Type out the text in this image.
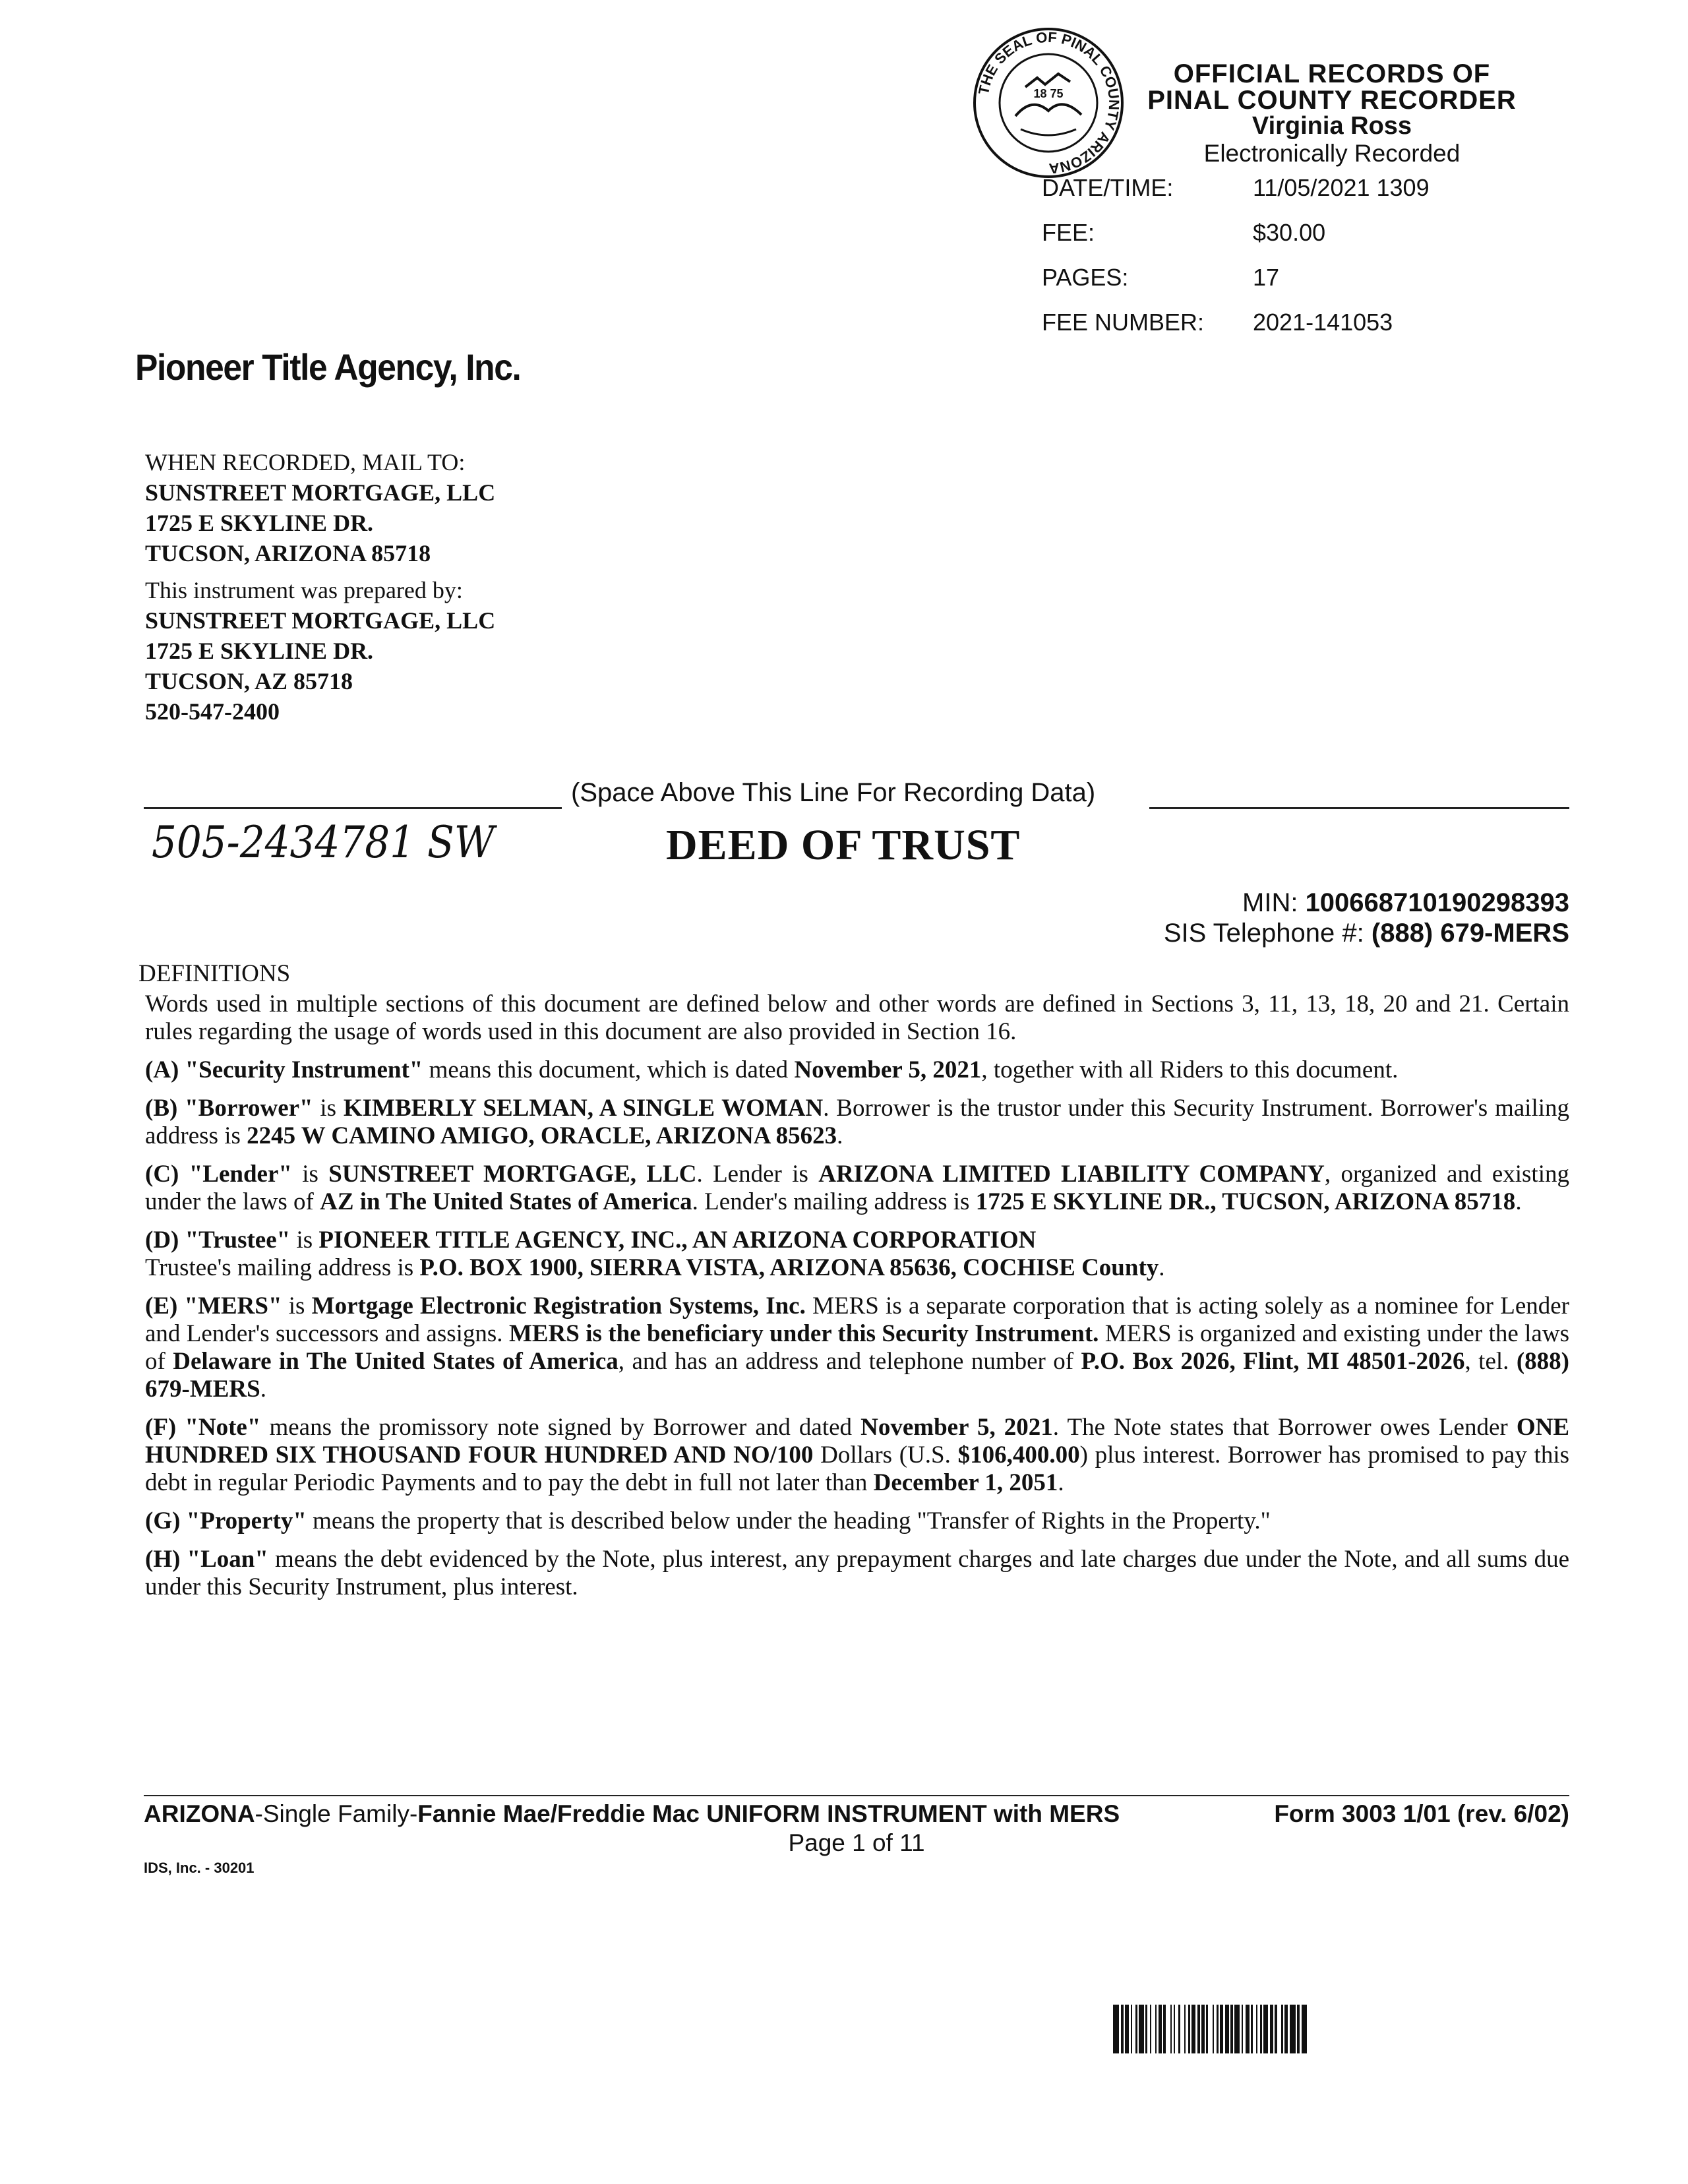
THE SEAL OF PINAL COUNTY ARIZONA
18 75
OFFICIAL RECORDS OF
PINAL COUNTY RECORDER
Virginia Ross
Electronically Recorded
DATE/TIME:	11/05/2021 1309
FEE:	$30.00
PAGES:	17
FEE NUMBER:	2021-141053
Pioneer Title Agency, Inc.
WHEN RECORDED, MAIL TO:
SUNSTREET MORTGAGE, LLC
1725 E SKYLINE DR.
TUCSON, ARIZONA 85718
This instrument was prepared by:
SUNSTREET MORTGAGE, LLC
1725 E SKYLINE DR.
TUCSON, AZ 85718
520-547-2400
(Space Above This Line For Recording Data)
505-2434781 SW	DEED OF TRUST
MIN: 100668710190298393
SIS Telephone #: (888) 679-MERS
DEFINITIONS

Words used in multiple sections of this document are defined below and other words are defined in Sections 3, 11, 13, 18, 20 and 21. Certain rules regarding the usage of words used in this document are also provided in Section 16.

(A) "Security Instrument" means this document, which is dated November 5, 2021, together with all Riders to this document.

(B) "Borrower" is KIMBERLY SELMAN, A SINGLE WOMAN. Borrower is the trustor under this Security Instrument. Borrower's mailing address is 2245 W CAMINO AMIGO, ORACLE, ARIZONA 85623.

(C) "Lender" is SUNSTREET MORTGAGE, LLC. Lender is ARIZONA LIMITED LIABILITY COMPANY, organized and existing under the laws of AZ in The United States of America. Lender's mailing address is 1725 E SKYLINE DR., TUCSON, ARIZONA 85718.

(D) "Trustee" is PIONEER TITLE AGENCY, INC., AN ARIZONA CORPORATION
Trustee's mailing address is P.O. BOX 1900, SIERRA VISTA, ARIZONA 85636, COCHISE County.

(E) "MERS" is Mortgage Electronic Registration Systems, Inc. MERS is a separate corporation that is acting solely as a nominee for Lender and Lender's successors and assigns. MERS is the beneficiary under this Security Instrument. MERS is organized and existing under the laws of Delaware in The United States of America, and has an address and telephone number of P.O. Box 2026, Flint, MI 48501-2026, tel. (888) 679-MERS.

(F) "Note" means the promissory note signed by Borrower and dated November 5, 2021. The Note states that Borrower owes Lender ONE HUNDRED SIX THOUSAND FOUR HUNDRED AND NO/100 Dollars (U.S. $106,400.00) plus interest. Borrower has promised to pay this debt in regular Periodic Payments and to pay the debt in full not later than December 1, 2051.

(G) "Property" means the property that is described below under the heading "Transfer of Rights in the Property."

(H) "Loan" means the debt evidenced by the Note, plus interest, any prepayment charges and late charges due under the Note, and all sums due under this Security Instrument, plus interest.

ARIZONA-Single Family-Fannie Mae/Freddie Mac UNIFORM INSTRUMENT with MERS	Form 3003 1/01 (rev. 6/02)
Page 1 of 11
IDS, Inc. - 30201
